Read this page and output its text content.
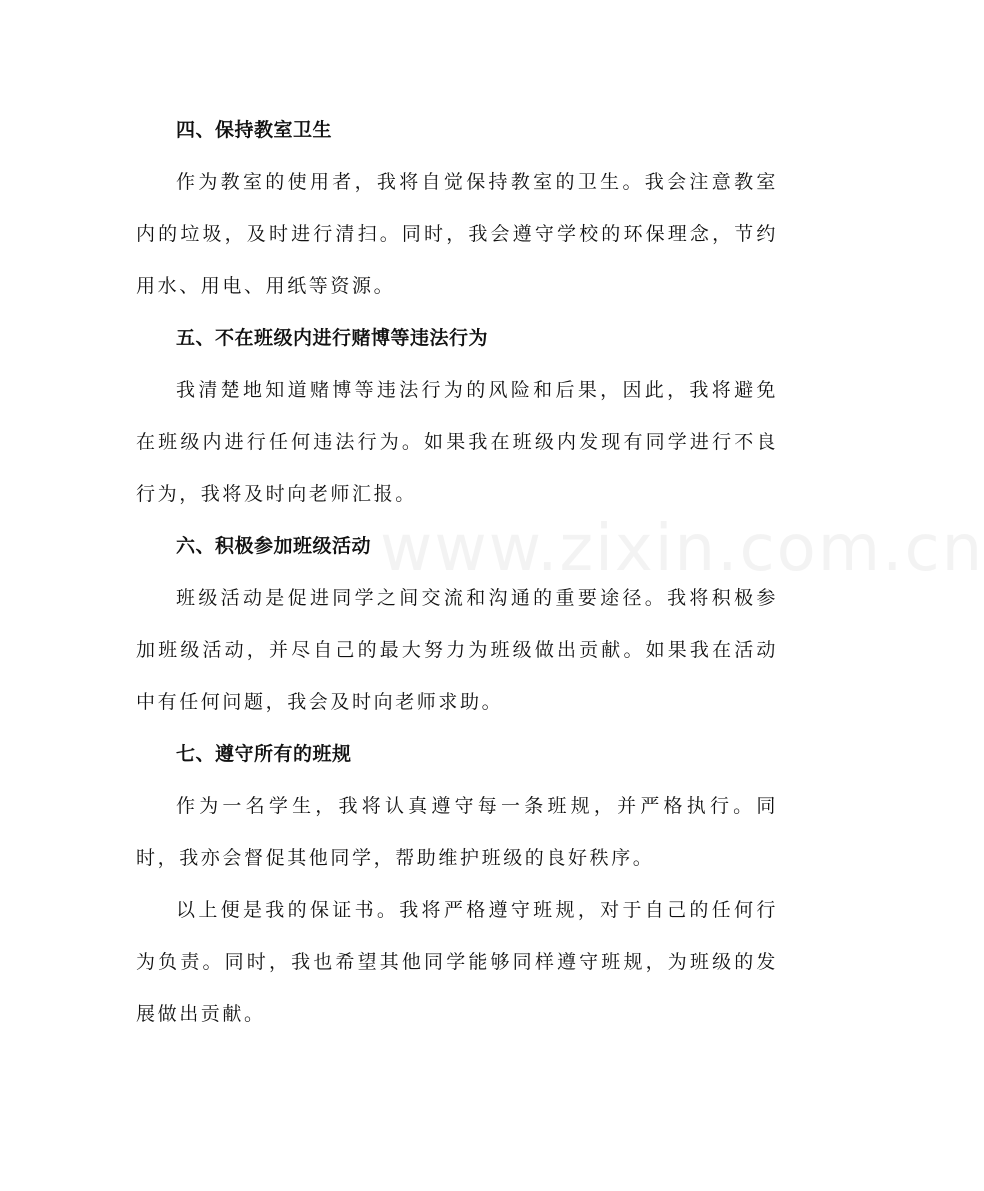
www.zixin.com.cn

四、保持教室卫生

作为教室的使用者，我将自觉保持教室的卫生。我会注意教室内的垃圾，及时进行清扫。同时，我会遵守学校的环保理念，节约用水、用电、用纸等资源。

五、不在班级内进行赌博等违法行为

我清楚地知道赌博等违法行为的风险和后果，因此，我将避免在班级内进行任何违法行为。如果我在班级内发现有同学进行不良行为，我将及时向老师汇报。

六、积极参加班级活动

班级活动是促进同学之间交流和沟通的重要途径。我将积极参加班级活动，并尽自己的最大努力为班级做出贡献。如果我在活动中有任何问题，我会及时向老师求助。

七、遵守所有的班规

作为一名学生，我将认真遵守每一条班规，并严格执行。同时，我亦会督促其他同学，帮助维护班级的良好秩序。

以上便是我的保证书。我将严格遵守班规，对于自己的任何行为负责。同时，我也希望其他同学能够同样遵守班规，为班级的发展做出贡献。
